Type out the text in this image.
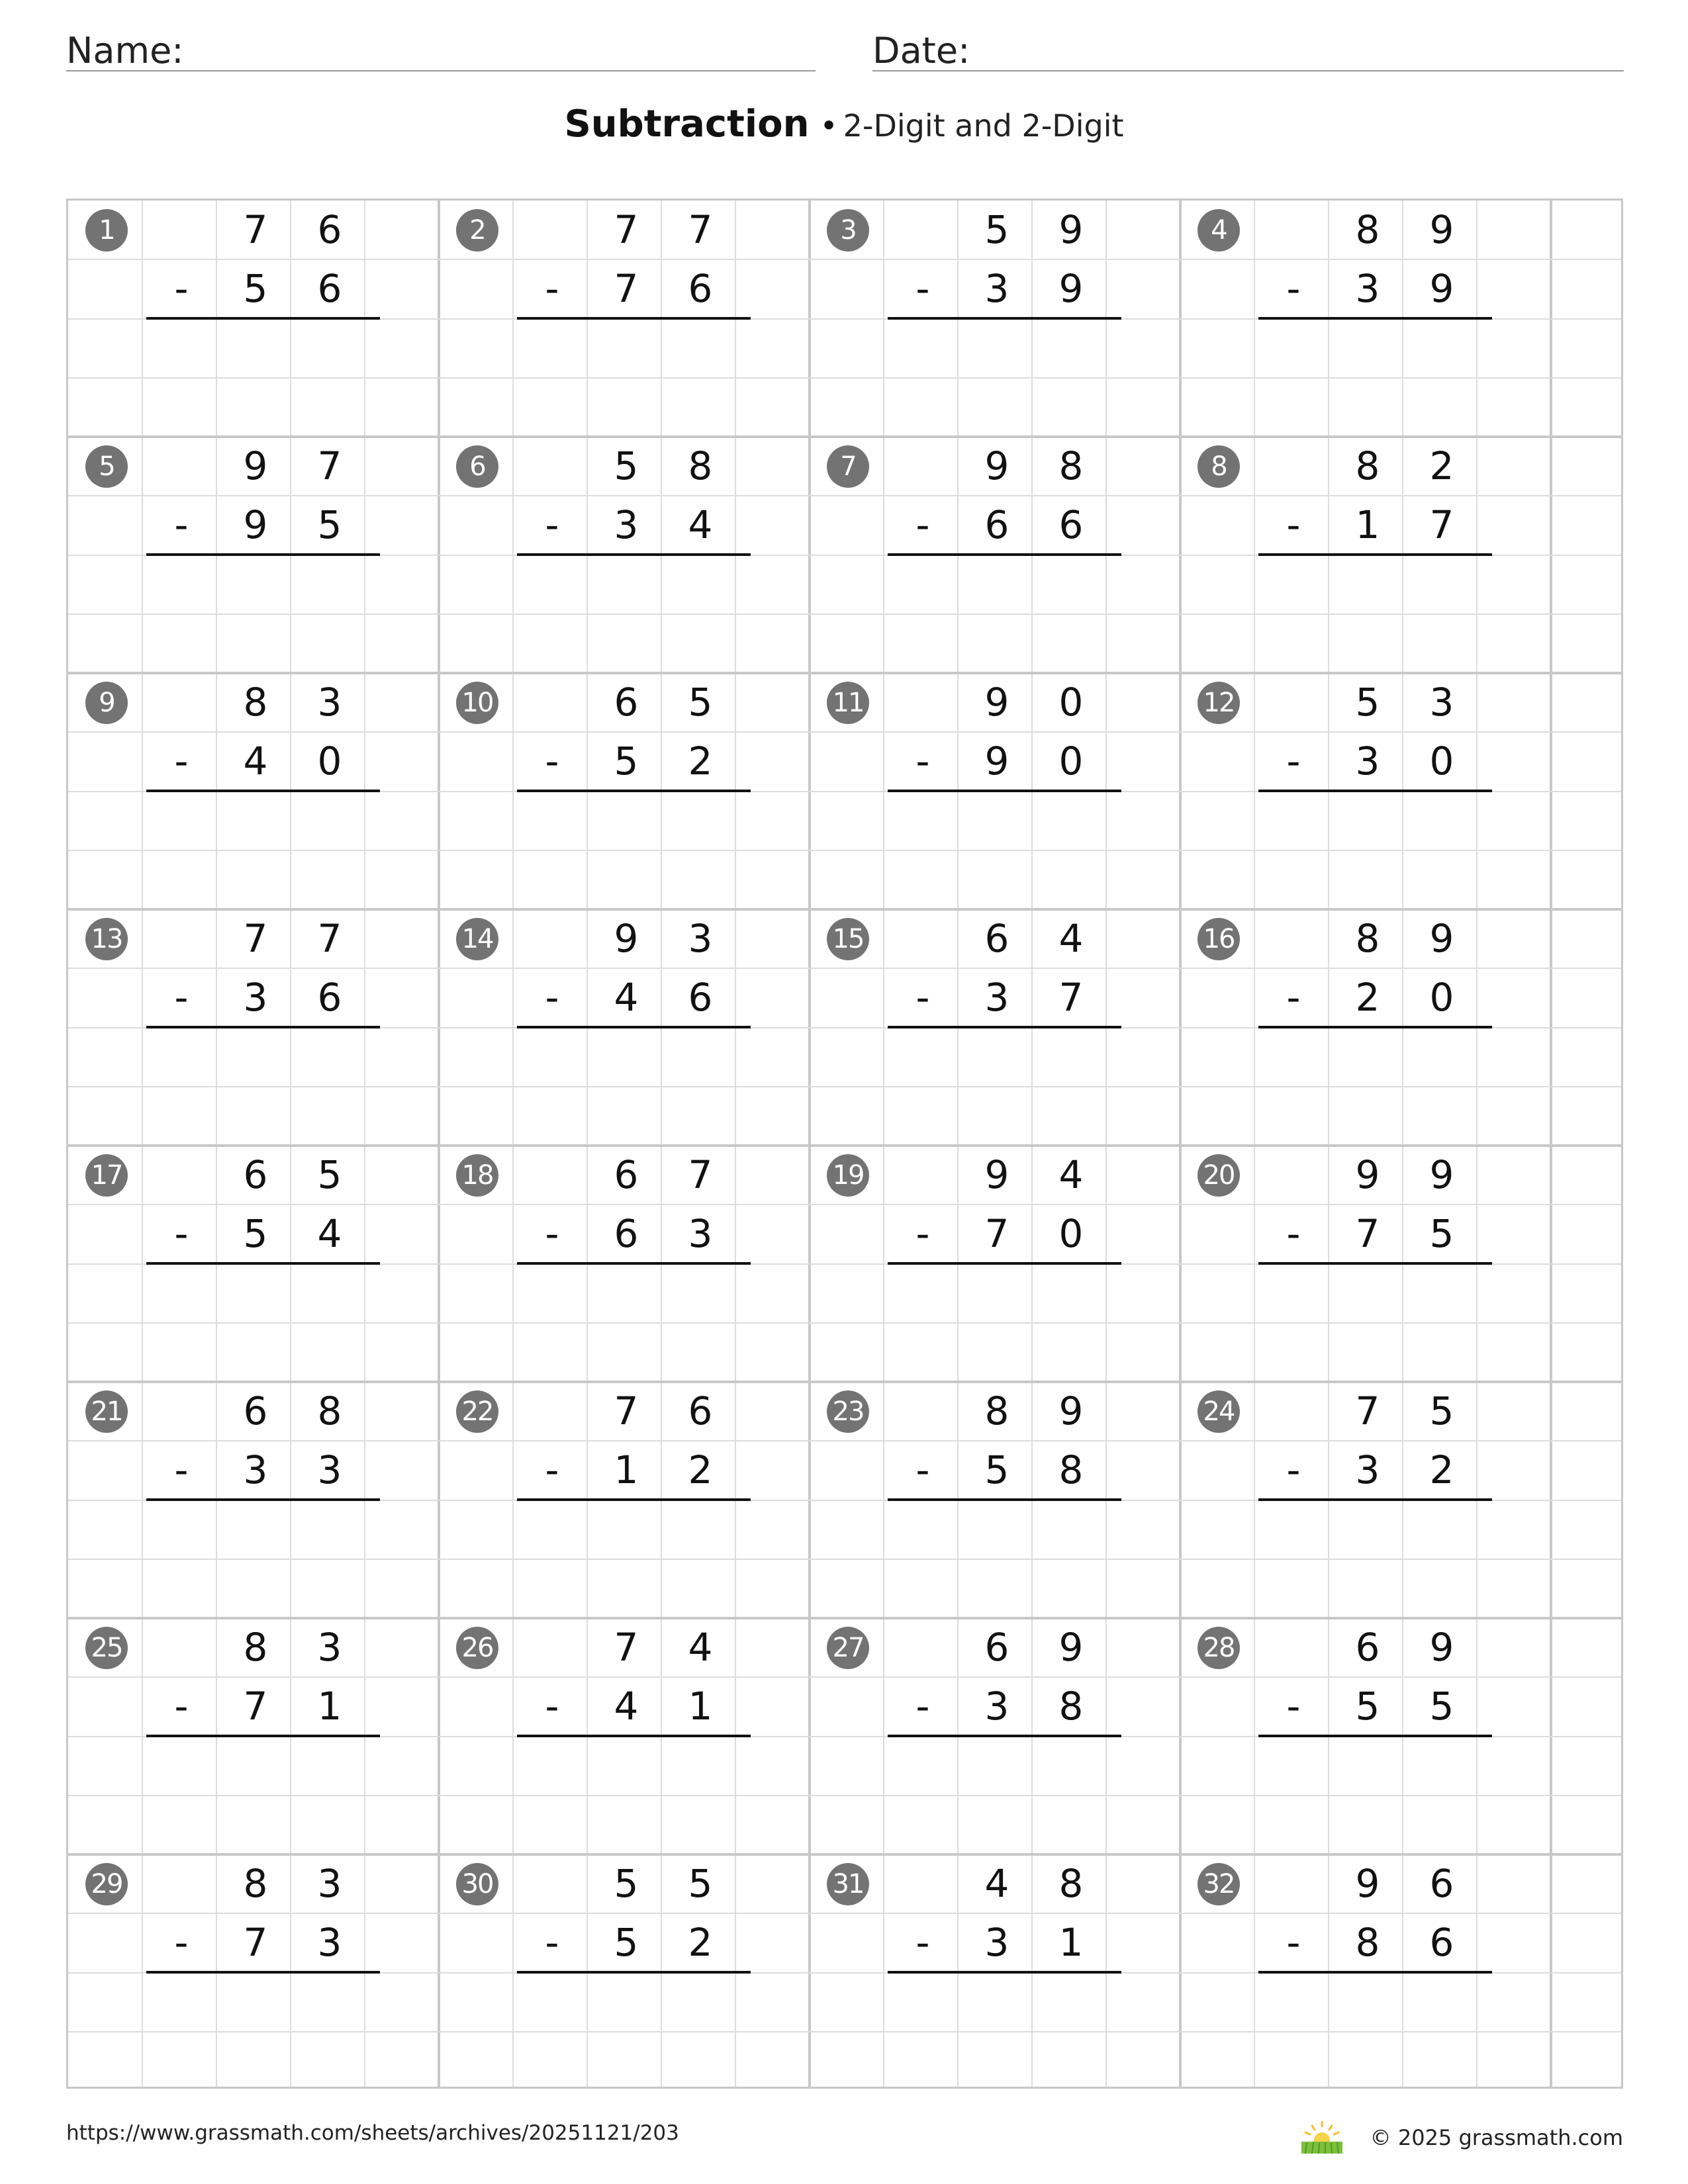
Name:	Date:
Subtraction • 2-Digit and 2-Digit
1	7	6
-	5	6
2	7	7
-	7	6
3	5	9
-	3	9
4	8	9
-	3	9
5	9	7
-	9	5
6	5	8
-	3	4
7	9	8
-	6	6
8	8	2
-	1	7
9	8	3
-	4	0
10	6	5
-	5	2
11	9	0
-	9	0
12	5	3
-	3	0
13	7	7
-	3	6
14	9	3
-	4	6
15	6	4
-	3	7
16	8	9
-	2	0
17	6	5
-	5	4
18	6	7
-	6	3
19	9	4
-	7	0
20	9	9
-	7	5
21	6	8
-	3	3
22	7	6
-	1	2
23	8	9
-	5	8
24	7	5
-	3	2
25	8	3
-	7	1
26	7	4
-	4	1
27	6	9
-	3	8
28	6	9
-	5	5
29	8	3
-	7	3
30	5	5
-	5	2
31	4	8
-	3	1
32	9	6
-	8	6
https://www.grassmath.com/sheets/archives/20251121/203	© 2025 grassmath.com
